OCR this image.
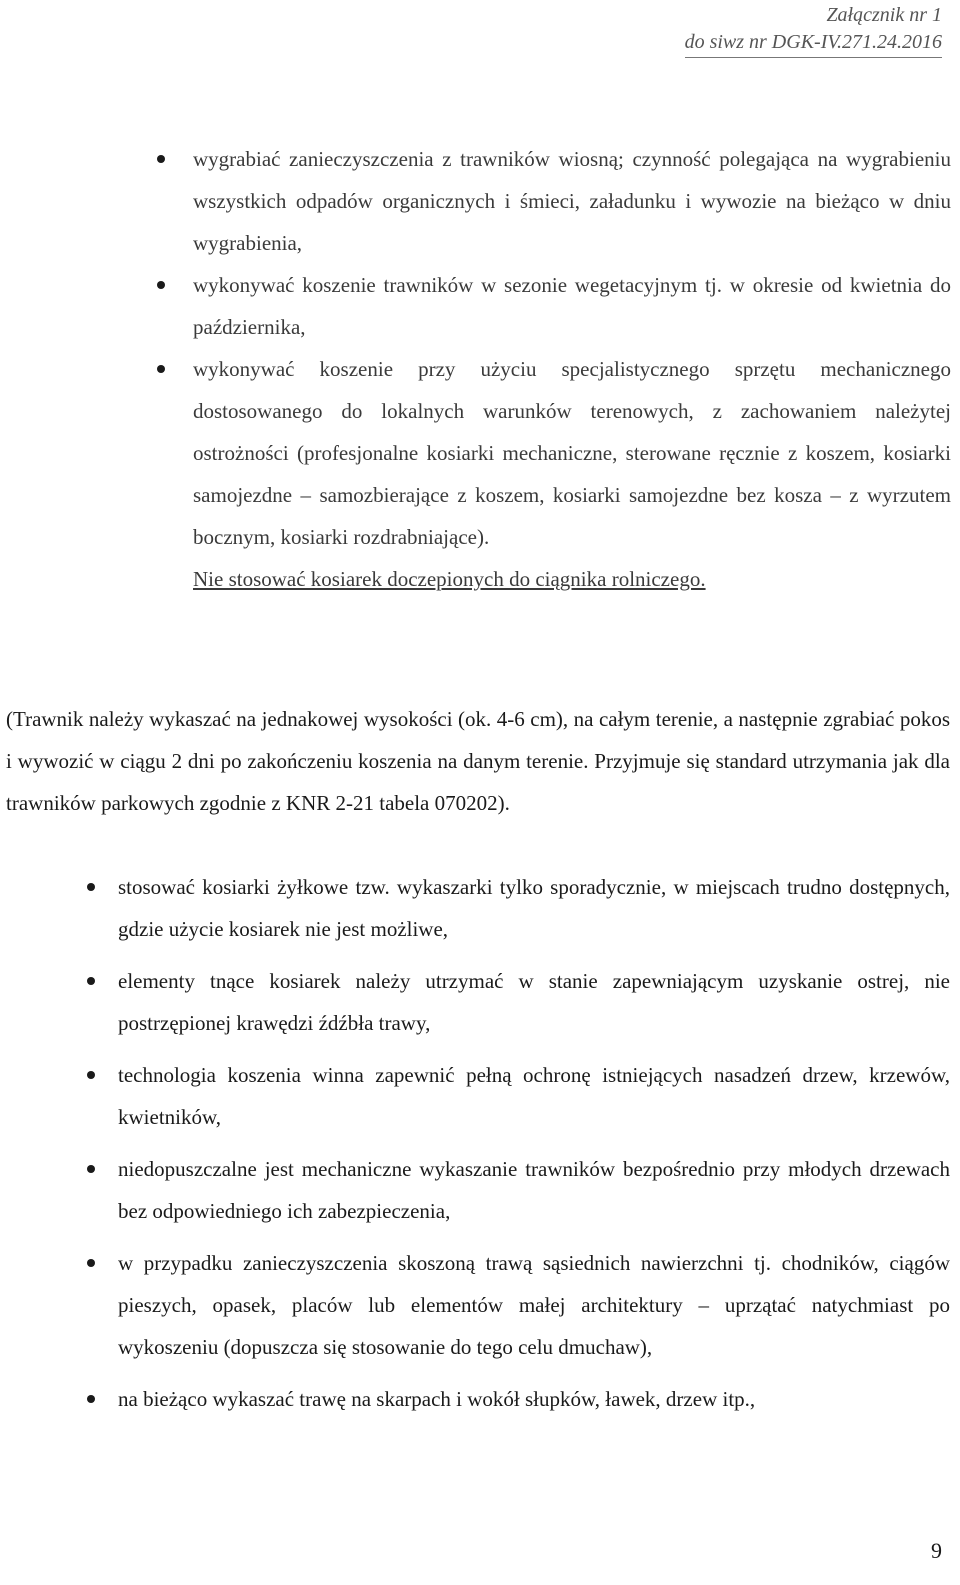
Załącznik nr 1
do siwz nr DGK-IV.271.24.2016
wygrabiać zanieczyszczenia z trawników wiosną; czynność polegająca na wygrabieniu wszystkich odpadów organicznych i śmieci, załadunku i wywozie na bieżąco w dniu wygrabienia,
wykonywać koszenie trawników w sezonie wegetacyjnym tj. w okresie od kwietnia do października,
wykonywać koszenie przy użyciu specjalistycznego sprzętu mechanicznego dostosowanego do lokalnych warunków terenowych, z zachowaniem należytej ostrożności (profesjonalne kosiarki mechaniczne, sterowane ręcznie z koszem, kosiarki samojezdne – samozbierające z koszem, kosiarki samojezdne bez kosza – z wyrzutem bocznym, kosiarki rozdrabniające).
Nie stosować kosiarek doczepionych do ciągnika rolniczego.

(Trawnik należy wykaszać na jednakowej wysokości (ok. 4-6 cm), na całym terenie, a następnie zgrabiać pokos i wywozić w ciągu 2 dni po zakończeniu koszenia na danym terenie. Przyjmuje się standard utrzymania jak dla trawników parkowych zgodnie z KNR 2-21 tabela 070202).

stosować kosiarki żyłkowe tzw. wykaszarki tylko sporadycznie, w miejscach trudno dostępnych, gdzie użycie kosiarek nie jest możliwe,
elementy tnące kosiarek należy utrzymać w stanie zapewniającym uzyskanie ostrej, nie postrzępionej krawędzi źdźbła trawy,
technologia koszenia winna zapewnić pełną ochronę istniejących nasadzeń drzew, krzewów, kwietników,
niedopuszczalne jest mechaniczne wykaszanie trawników bezpośrednio przy młodych drzewach bez odpowiedniego ich zabezpieczenia,
w przypadku zanieczyszczenia skoszoną trawą sąsiednich nawierzchni tj. chodników, ciągów pieszych, opasek, placów lub elementów małej architektury – uprzątać natychmiast po wykoszeniu (dopuszcza się stosowanie do tego celu dmuchaw),
na bieżąco wykaszać trawę na skarpach i wokół słupków, ławek, drzew itp.,
9
